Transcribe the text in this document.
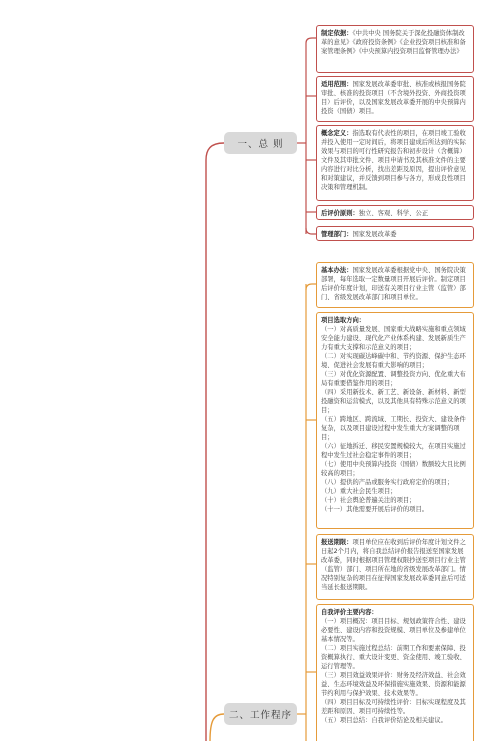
一、总 则
制定依据：《中共中央 国务院关于深化投融资体制改革的意见》《政府投资条例》《企业投资项目核准和备案管理条例》《中央预算内投资项目监督管理办法》
适用范围：国家发展改革委审批、核准或核报国务院审批、核准的投资项目（不含境外投资、外商投资项目）后评价，以及国家发展改革委开展的中央预算内投资（国债）项目。
概念定义：指选取有代表性的项目，在项目竣工验收并投入使用一定时间后，将项目建成后所达到的实际效果与项目的可行性研究报告和初步设计（含概算）文件及其审批文件、项目申请书及其核准文件的主要内容进行对比分析，找出差距及原因，提出评价意见和对策建议，并反馈到项目参与各方，形成良性项目决策和管理机制。
后评价原则：独立、客观、科学、公正
管理部门：国家发展改革委
二、工作程序
基本办法：国家发展改革委根据党中央、国务院决策部署，每年选取一定数量项目开展后评价。制定项目后评价年度计划，印送有关项目行业主管（监管）部门、省级发展改革部门和项目单位。
项目选取方向：
（一）对高质量发展、国家重大战略实施和重点领域安全能力建设、现代化产业体系构建、发展新质生产力有重大支撑和示范意义的项目；
（二）对实现碳达峰碳中和、节约资源、保护生态环境、促进社会发展有重大影响的项目；
（三）对优化资源配置、调整投资方向、优化重大布局有重要借鉴作用的项目；
（四）采用新技术、新工艺、新设备、新材料、新型投融资和运营模式，以及其他具有特殊示范意义的项目；
（五）跨地区、跨流域、工期长、投资大、建设条件复杂，以及项目建设过程中发生重大方案调整的项目；
（六）征地拆迁、移民安置规模较大，在项目实施过程中发生过社会稳定事件的项目；
（七）使用中央预算内投资（国债）数额较大且比例较高的项目；
（八）提供的产品或服务实行政府定价的项目；
（九）重大社会民生项目；
（十）社会舆论普遍关注的项目；
（十一）其他需要开展后评价的项目。
报送期限：项目单位应在收到后评价年度计划文件之日起2个月内，将自我总结评价报告报送至国家发展改革委，同时根据项目管理权限抄送至项目行业主管（监管）部门、项目所在地的省级发展改革部门。情况特别复杂的项目在征得国家发展改革委同意后可适当延长报送期限。
自我评价主要内容：
（一）项目概况：项目目标、规划政策符合性、建设必要性、建设内容和投资规模、项目单位及参建单位基本情况等。
（二）项目实施过程总结：前期工作和要素保障、投资概算执行、重大设计变更、资金使用、竣工验收、运行管理等。
（三）项目效益效果评价：财务及经济效益、社会效益、生态环境效益及环保措施实施效果、资源和能源节约利用与保护效果、技术效果等。
（四）项目目标及可持续性评价：目标实现程度及其差距和原因、项目可持续性等。
（五）项目总结：自我评价结论及相关建议。
